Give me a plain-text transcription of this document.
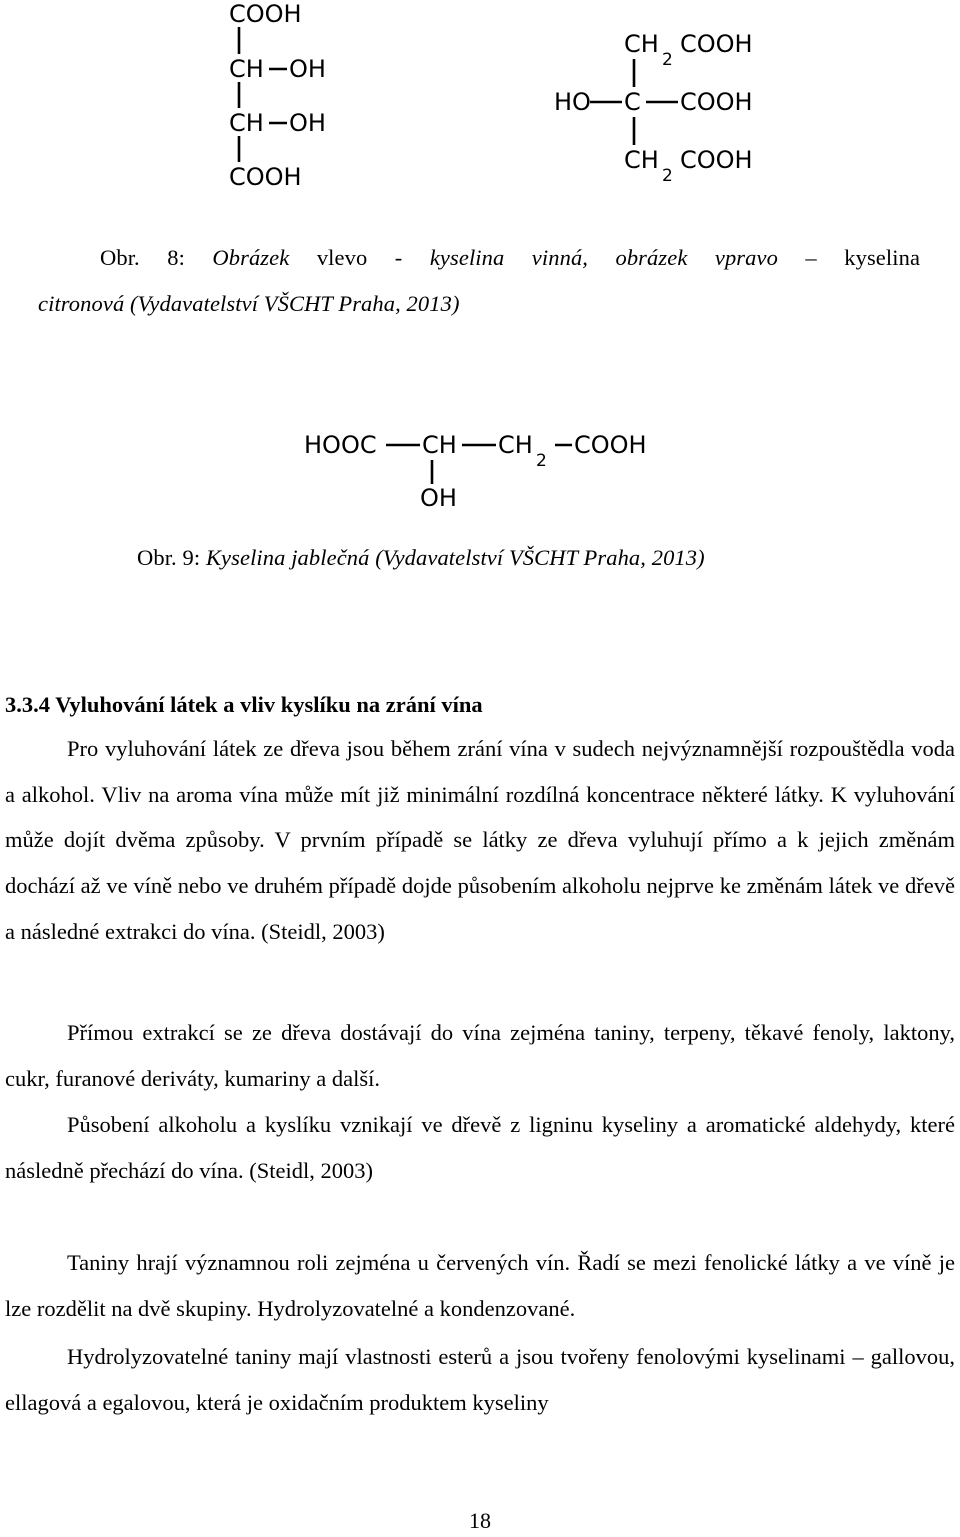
COOH
CH OH
CH OH
COOH
CH
2
COOH
HO C COOH
CH
2
COOH
Obr. 8: Obrázek vlevo - kyselina vinná, obrázek vpravo – kyselina
citronová (Vydavatelství VŠCHT Praha, 2013)
HOOC CH CH
2
COOH
OH
Obr. 9: Kyselina jablečná (Vydavatelství VŠCHT Praha, 2013)
3.3.4 Vyluhování látek a vliv kyslíku na zrání vína

Pro vyluhování látek ze dřeva jsou během zrání vína v sudech nejvýznamnější rozpouštědla voda a alkohol. Vliv na aroma vína může mít již minimální rozdílná koncentrace některé látky. K vyluhování může dojít dvěma způsoby. V prvním případě se látky ze dřeva vyluhují přímo a k jejich změnám dochází až ve víně nebo ve druhém případě dojde působením alkoholu nejprve ke změnám látek ve dřevě a následné extrakci do vína. (Steidl, 2003)

Přímou extrakcí se ze dřeva dostávají do vína zejména taniny, terpeny, těkavé fenoly, laktony, cukr, furanové deriváty, kumariny a další.

Působení alkoholu a kyslíku vznikají ve dřevě z ligninu kyseliny a aromatické aldehydy, které následně přechází do vína. (Steidl, 2003)

Taniny hrají významnou roli zejména u červených vín. Řadí se mezi fenolické látky a ve víně je lze rozdělit na dvě skupiny. Hydrolyzovatelné a kondenzované.

Hydrolyzovatelné taniny mají vlastnosti esterů a jsou tvořeny fenolovými kyselinami – gallovou, ellagová a egalovou, která je oxidačním produktem kyseliny

18
